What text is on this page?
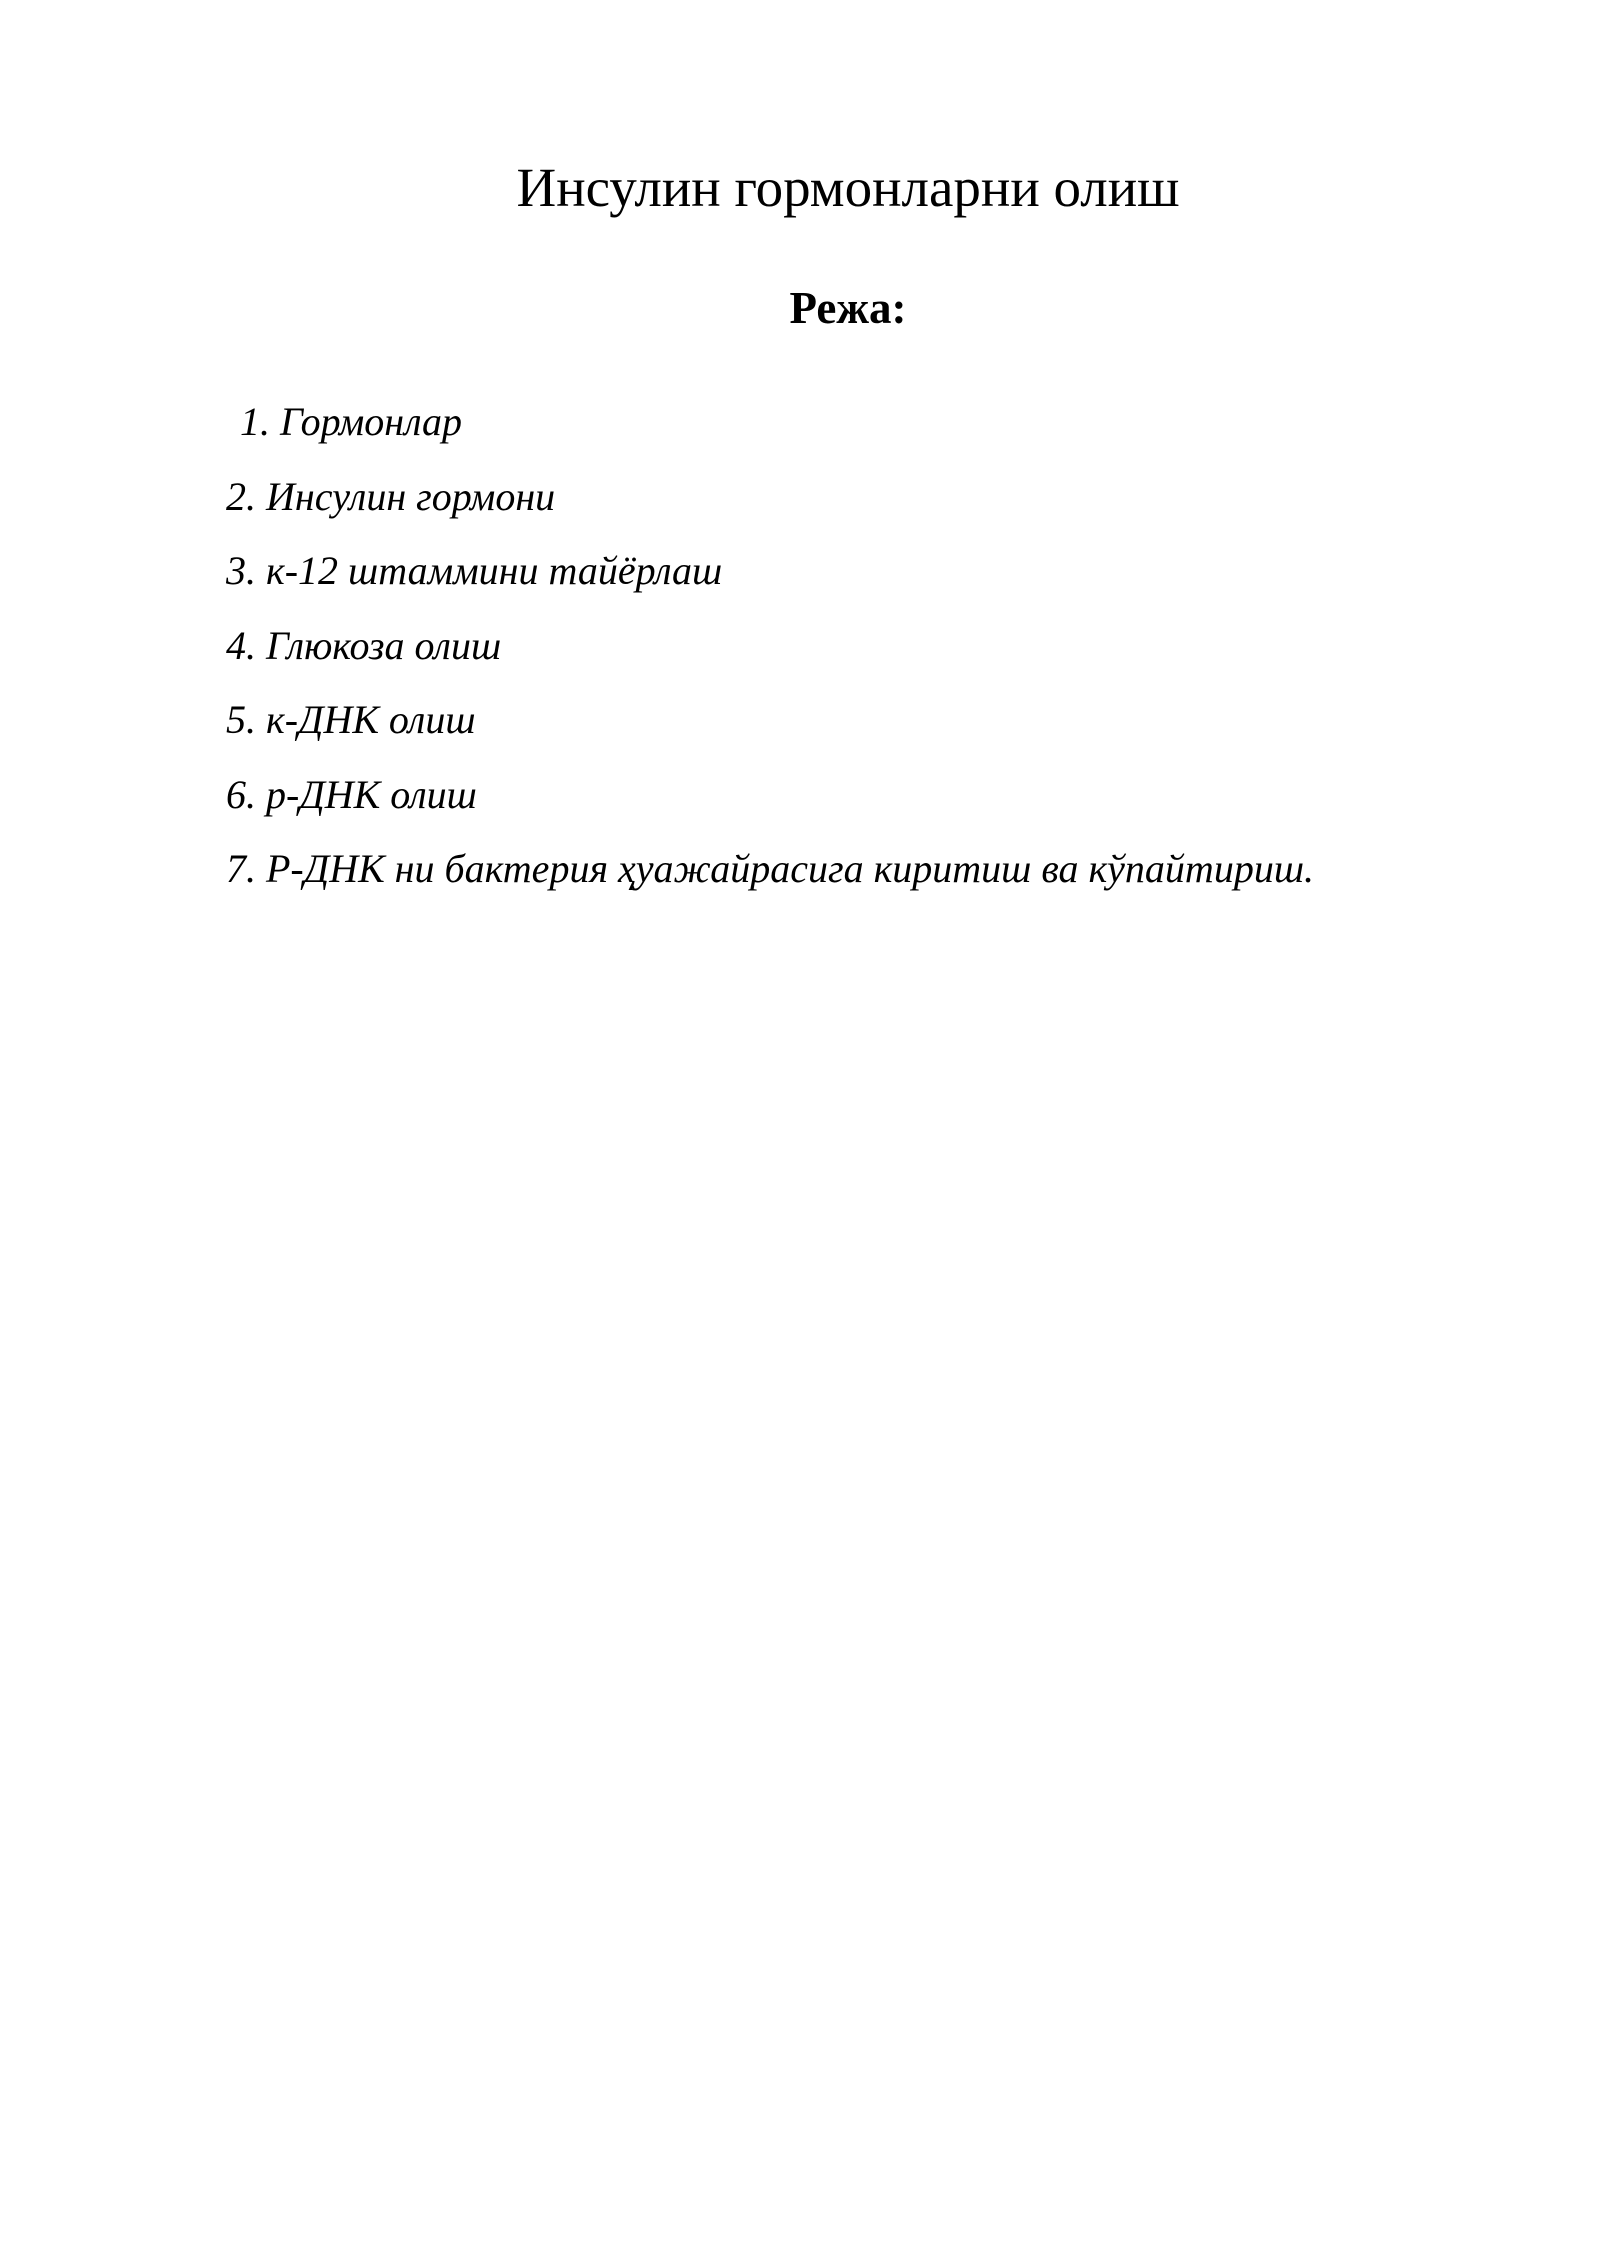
Инсулин гормонларни олиш
Режа:
1. Гормонлар
2. Инсулин гормони
3. к-12 штаммини тайёрлаш
4. Глюкоза олиш
5. к-ДНК олиш
6. р-ДНК олиш
7. Р-ДНК ни бактерия ҳуажайрасига киритиш ва кўпайтириш.
